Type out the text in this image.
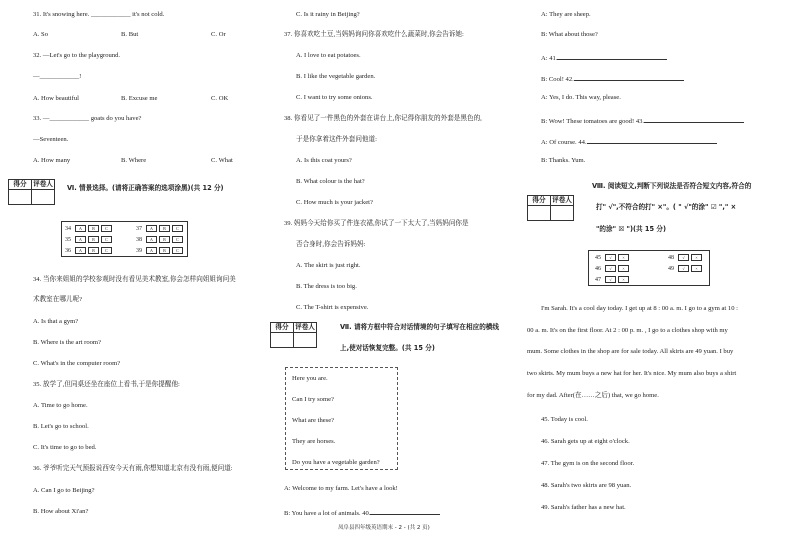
31. It's snowing here. ____________ it's not cold.
A. So	B. But	C. Or
32. —Let's go to the playground.
—____________!
A. How beautiful	B. Excuse me	C. OK
33. —____________ goats do you have?
—Seventeen.
A. How many	B. Where	C. What
得分	评卷人

Ⅵ. 情景选择。(请将正确答案的选项涂黑)(共 12 分)
34 A	B	C	37 A	B	C
35 A	B	C	38 A	B	C
36 A	B	C	39 A	B	C
34. 当你来姐姐的学校参观时没有看见美术教室,你会怎样向姐姐询问美
术教室在哪儿呢?
A. Is that a gym?
B. Where is the art room?
C. What's in the computer room?
35. 放学了,但同桌还坐在座位上看书,于是你提醒他:
A. Time to go home.
B. Let's go to school.
C. It's time to go to bed.
36. 爷爷听完天气预报说西安今天有雨,你想知道北京有没有雨,便问道:
A. Can I go to Beijing?
B. How about Xi'an?
C. Is it rainy in Beijing?
37. 你喜欢吃土豆,当妈妈询问你喜欢吃什么蔬菜时,你会告诉她:
A. I love to eat potatoes.
B. I like the vegetable garden.
C. I want to try some onions.
38. 你看见了一件黑色的外套在讲台上,你记得你朋友的外套是黑色的,
于是你拿着这件外套问他道:
A. Is this coat yours?
B. What colour is the hat?
C. How much is your jacket?
39. 妈妈今天给你买了件连衣裙,你试了一下太大了,当妈妈问你是
否合身时,你会告诉妈妈:
A. The skirt is just right.
B. The dress is too big.
C. The T-shirt is expensive.
得分	评卷人
		Ⅶ. 请将方框中符合对话情境的句子填写在相应的横线
上,使对话恢复完整。(共 15 分)
Here you are.
Can I try some?
What are these?
They are horses.
Do you have a vegetable garden?
A: Welcome to my farm. Let's have a look!
B: You have a lot of animals. 40.
凤阜县四年级英语期末 - 2 - (共 2 页)
A: They are sheep.
B: What about those?
A: 41.
B: Cool! 42.
A: Yes, I do. This way, please.
B: Wow! These tomatoes are good! 43.
A: Of course. 44.
B: Thanks. Yum.
得分	评卷人

Ⅷ. 阅读短文,判断下列说法是否符合短文内容,符合的
打" √",不符合的打" ×"。( " √"的涂" ☑ "," ×
"的涂" ☒ ")(共 15 分)
45 √	×	48 √	×
46 √	×	49 √	×
47 √	×
I'm Sarah. It's a cool day today. I get up at 8 : 00 a. m. I go to a gym at 10 :
00 a. m. It's on the first floor. At 2 : 00 p. m. , I go to a clothes shop with my
mum. Some clothes in the shop are for sale today. All skirts are 49 yuan. I buy
two skirts. My mum buys a new hat for her. It's nice. My mum also buys a shirt
for my dad. After(在……之后) that, we go home.
45. Today is cool.
46. Sarah gets up at eight o'clock.
47. The gym is on the second floor.
48. Sarah's two skirts are 98 yuan.
49. Sarah's father has a new hat.
